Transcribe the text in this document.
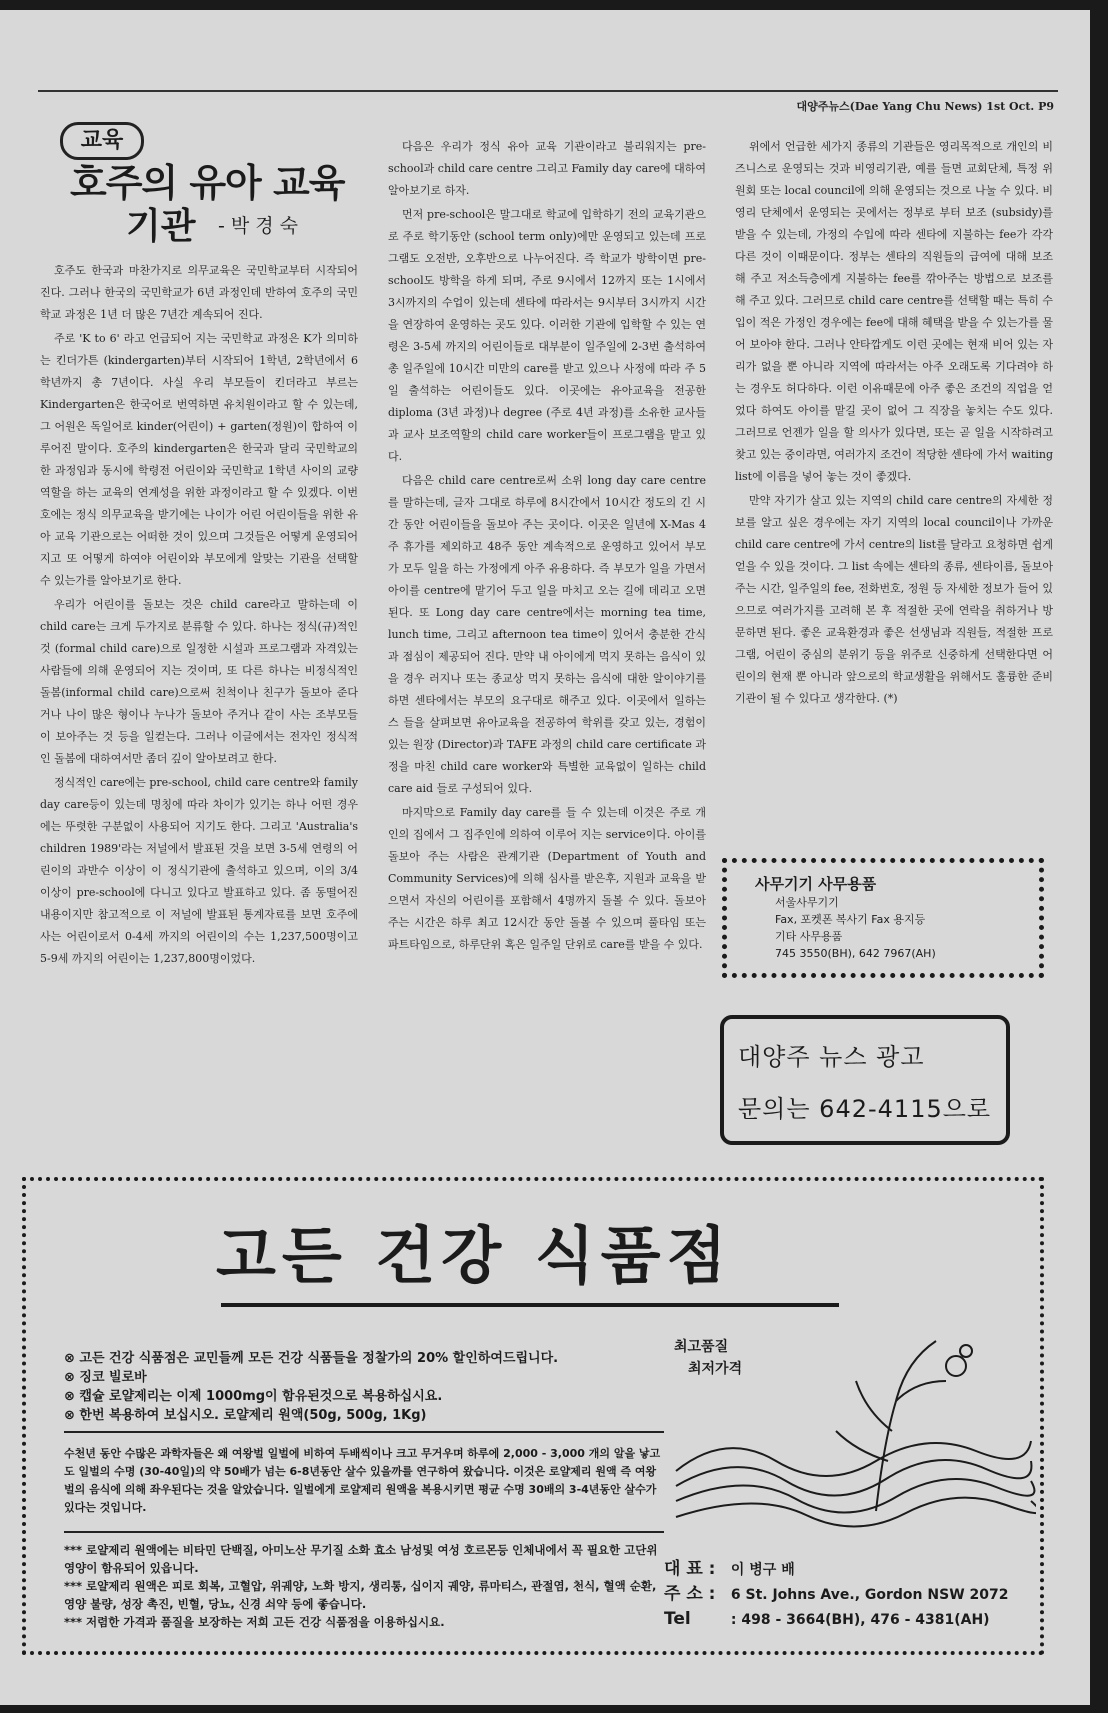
대양주뉴스(Dae Yang Chu News) 1st Oct. P9
교육
호주의 유아 교육
기관 - 박 경 숙

호주도 한국과 마찬가지로 의무교육은 국민학교부터 시작되어 진다. 그러나 한국의 국민학교가 6년 과정인데 반하여 호주의 국민학교 과정은 1년 더 많은 7년간 계속되어 진다.

주로 'K to 6' 라고 언급되어 지는 국민학교 과정은 K가 의미하는 킨더가튼 (kindergarten)부터 시작되어 1학년, 2학년에서 6학년까지 총 7년이다. 사실 우리 부모들이 킨더라고 부르는 Kindergarten은 한국어로 번역하면 유치원이라고 할 수 있는데, 그 어원은 독일어로 kinder(어린이) + garten(정원)이 합하여 이루어진 말이다. 호주의 kindergarten은 한국과 달리 국민학교의 한 과정임과 동시에 학령전 어린이와 국민학교 1학년 사이의 교량역할을 하는 교육의 연계성을 위한 과정이라고 할 수 있겠다. 이번호에는 정식 의무교육을 받기에는 나이가 어린 어린이들을 위한 유아 교육 기관으로는 어떠한 것이 있으며 그것들은 어떻게 운영되어지고 또 어떻게 하여야 어린이와 부모에게 알맞는 기관을 선택할 수 있는가를 알아보기로 한다.

우리가 어린이를 돌보는 것은 child care라고 말하는데 이 child care는 크게 두가지로 분류할 수 있다. 하나는 정식(규)적인 것 (formal child care)으로 일정한 시설과 프로그램과 자격있는 사람들에 의해 운영되어 지는 것이며, 또 다른 하나는 비정식적인 돌봄(informal child care)으로써 친척이나 친구가 돌보아 준다거나 나이 많은 형이나 누나가 돌보아 주거나 같이 사는 조부모들이 보아주는 것 등을 일컫는다. 그러나 이글에서는 전자인 정식적인 돌봄에 대하여서만 좀더 깊이 알아보려고 한다.

정식적인 care에는 pre-school, child care centre와 family day care등이 있는데 명칭에 따라 차이가 있기는 하나 어떤 경우에는 뚜렷한 구분없이 사용되어 지기도 한다. 그리고 'Australia's children 1989'라는 저널에서 발표된 것을 보면 3-5세 연령의 어린이의 과반수 이상이 이 정식기관에 출석하고 있으며, 이의 3/4 이상이 pre-school에 다니고 있다고 발표하고 있다. 좀 동떨어진 내용이지만 참고적으로 이 저널에 발표된 통계자료를 보면 호주에 사는 어린이로서 0-4세 까지의 어린이의 수는 1,237,500명이고 5-9세 까지의 어린이는 1,237,800명이었다.

다음은 우리가 정식 유아 교육 기관이라고 불리워지는 pre-school과 child care centre 그리고 Family day care에 대하여 알아보기로 하자.

먼저 pre-school은 말그대로 학교에 입학하기 전의 교육기관으로 주로 학기동안 (school term only)에만 운영되고 있는데 프로그램도 오전반, 오후반으로 나누어진다. 즉 학교가 방학이면 pre-school도 방학을 하게 되며, 주로 9시에서 12까지 또는 1시에서 3시까지의 수업이 있는데 센타에 따라서는 9시부터 3시까지 시간을 연장하여 운영하는 곳도 있다. 이러한 기관에 입학할 수 있는 연령은 3-5세 까지의 어린이들로 대부분이 일주일에 2-3번 출석하여 총 일주일에 10시간 미만의 care를 받고 있으나 사정에 따라 주 5일 출석하는 어린이들도 있다. 이곳에는 유아교육을 전공한 diploma (3년 과정)나 degree (주로 4년 과정)를 소유한 교사들과 교사 보조역할의 child care worker들이 프로그램을 맡고 있다.

다음은 child care centre로써 소위 long day care centre를 말하는데, 글자 그대로 하루에 8시간에서 10시간 정도의 긴 시간 동안 어린이들을 돌보아 주는 곳이다. 이곳은 일년에 X-Mas 4주 휴가를 제외하고 48주 동안 계속적으로 운영하고 있어서 부모가 모두 일을 하는 가정에게 아주 유용하다. 즉 부모가 일을 가면서 아이를 centre에 맡기어 두고 일을 마치고 오는 길에 데리고 오면 된다. 또 Long day care centre에서는 morning tea time, lunch time, 그리고 afternoon tea time이 있어서 충분한 간식과 점심이 제공되어 진다. 만약 내 아이에게 먹지 못하는 음식이 있을 경우 러지나 또는 종교상 먹지 못하는 음식에 대한 알이야기를 하면 센타에서는 부모의 요구대로 해주고 있다. 이곳에서 일하는 스 들을 살펴보면 유아교육을 전공하여 학위를 갖고 있는, 경험이 있는 원장 (Director)과 TAFE 과정의 child care certificate 과정을 마친 child care worker와 특별한 교육없이 일하는 child care aid 들로 구성되어 있다.

마지막으로 Family day care를 들 수 있는데 이것은 주로 개인의 집에서 그 집주인에 의하여 이루어 지는 service이다. 아이를 돌보아 주는 사람은 관계기관 (Department of Youth and Community Services)에 의해 심사를 받은후, 지원과 교육을 받으면서 자신의 어린이를 포함해서 4명까지 돌볼 수 있다. 돌보아 주는 시간은 하루 최고 12시간 동안 돌볼 수 있으며 풀타임 또는 파트타임으로, 하루단위 혹은 일주일 단위로 care를 받을 수 있다.

위에서 언급한 세가지 종류의 기관들은 영리목적으로 개인의 비즈니스로 운영되는 것과 비영리기관, 예를 들면 교회단체, 특정 위원회 또는 local council에 의해 운영되는 것으로 나눌 수 있다. 비영리 단체에서 운영되는 곳에서는 정부로 부터 보조 (subsidy)를 받을 수 있는데, 가정의 수입에 따라 센타에 지불하는 fee가 각각 다른 것이 이때문이다. 정부는 센타의 직원들의 급여에 대해 보조해 주고 저소득층에게 지불하는 fee를 깎아주는 방법으로 보조를 해 주고 있다. 그러므로 child care centre를 선택할 때는 특히 수입이 적은 가정인 경우에는 fee에 대해 혜택을 받을 수 있는가를 물어 보아야 한다. 그러나 안타깝게도 이런 곳에는 현재 비어 있는 자리가 없을 뿐 아니라 지역에 따라서는 아주 오래도록 기다려야 하는 경우도 허다하다. 이런 이유때문에 아주 좋은 조건의 직업을 얻었다 하여도 아이를 맡길 곳이 없어 그 직장을 놓치는 수도 있다. 그러므로 언젠가 일을 할 의사가 있다면, 또는 곧 일을 시작하려고 찾고 있는 중이라면, 여러가지 조건이 적당한 센타에 가서 waiting list에 이름을 넣어 놓는 것이 좋겠다.

만약 자기가 살고 있는 지역의 child care centre의 자세한 정보를 알고 싶은 경우에는 자기 지역의 local council이나 가까운 child care centre에 가서 centre의 list를 달라고 요청하면 쉽게 얻을 수 있을 것이다. 그 list 속에는 센타의 종류, 센타이름, 돌보아 주는 시간, 일주일의 fee, 전화번호, 정원 등 자세한 정보가 들어 있으므로 여러가지를 고려해 본 후 적절한 곳에 연락을 취하거나 방문하면 된다. 좋은 교육환경과 좋은 선생님과 직원들, 적절한 프로그램, 어린이 중심의 분위기 등을 위주로 신중하게 선택한다면 어린이의 현재 뿐 아니라 앞으로의 학교생활을 위해서도 훌륭한 준비기관이 될 수 있다고 생각한다. (*)

사무기기 사무용품
서울사무기기
Fax, 포켓폰 복사기 Fax 용지등
기타 사무용품
745 3550(BH), 642 7967(AH)
대양주 뉴스 광고
문의는 642-4115으로
고든 건강 식품점
⊗ 고든 건강 식품점은 교민들께 모든 건강 식품들을 정찰가의 20% 할인하여드립니다.
⊗ 징코 빌로바
⊗ 캡슐 로얄제리는 이제 1000mg이 함유된것으로 복용하십시요.
⊗ 한번 복용하여 보십시오. 로얄제리 원액(50g, 500g, 1Kg)
수천년 동안 수많은 과학자들은 왜 여왕벌 일벌에 비하여 두배씩이나 크고 무거우며 하루에 2,000 - 3,000 개의 알을 낳고도 일벌의 수명 (30-40일)의 약 50배가 넘는 6-8년동안 살수 있을까를 연구하여 왔습니다. 이것은 로얄제리 원액 즉 여왕벌의 음식에 의해 좌우된다는 것을 알았습니다. 일벌에게 로얄제리 원액을 복용시키면 평균 수명 30배의 3-4년동안 살수가 있다는 것입니다.
*** 로얄제리 원액에는 비타민 단백질, 아미노산 무기질 소화 효소 남성및 여성 호르몬등 인체내에서 꼭 필요한 고단위영양이 함유되어 있읍니다.
*** 로얄제리 원액은 피로 회복, 고혈압, 위궤양, 노화 방지, 생리통, 십이지 궤양, 류마티스, 관절염, 천식, 혈액 순환, 영양 불량, 성장 촉진, 빈혈, 당뇨, 신경 쇠약 등에 좋습니다.
*** 저렴한 가격과 품질을 보장하는 저희 고든 건강 식품점을 이용하십시요.
최고품질
최저가격
대 표 : 이 병구 배
주 소 : 6 St. Johns Ave., Gordon NSW 2072
Tel	: 498 - 3664(BH), 476 - 4381(AH)
